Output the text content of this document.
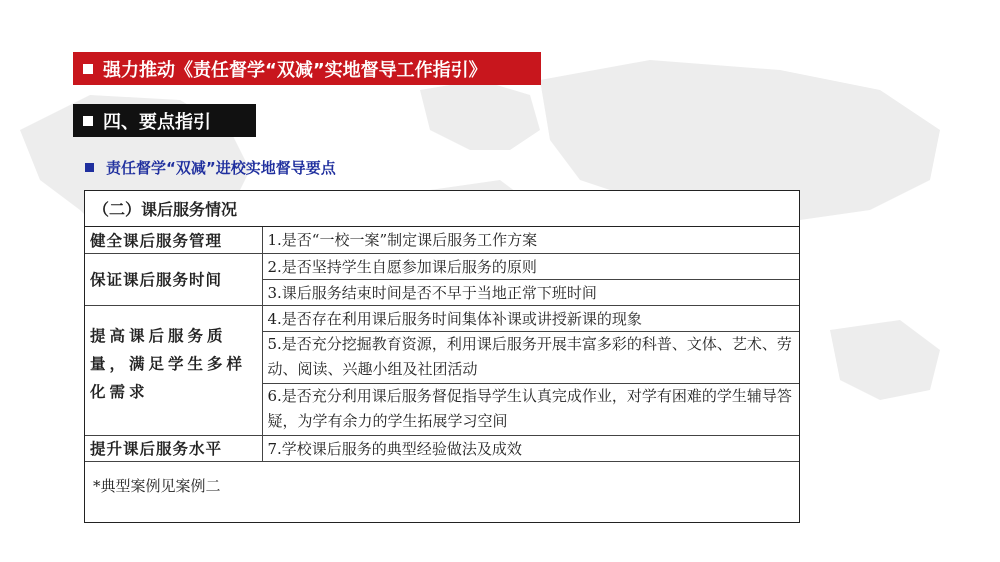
强力推动《责任督学“双减”实地督导工作指引》
四、要点指引
责任督学“双减”进校实地督导要点
（二）课后服务情况
健全课后服务管理	1.是否“一校一案”制定课后服务工作方案
保证课后服务时间	2.是否坚持学生自愿参加课后服务的原则
	3.课后服务结束时间是否不早于当地正常下班时间
提高课后服务质量，满足学生多样化需求	4.是否存在利用课后服务时间集体补课或讲授新课的现象
	5.是否充分挖掘教育资源，利用课后服务开展丰富多彩的科普、文体、艺术、劳动、阅读、兴趣小组及社团活动
	6.是否充分利用课后服务督促指导学生认真完成作业，对学有困难的学生辅导答疑，为学有余力的学生拓展学习空间
提升课后服务水平	7.学校课后服务的典型经验做法及成效
*典型案例见案例二
